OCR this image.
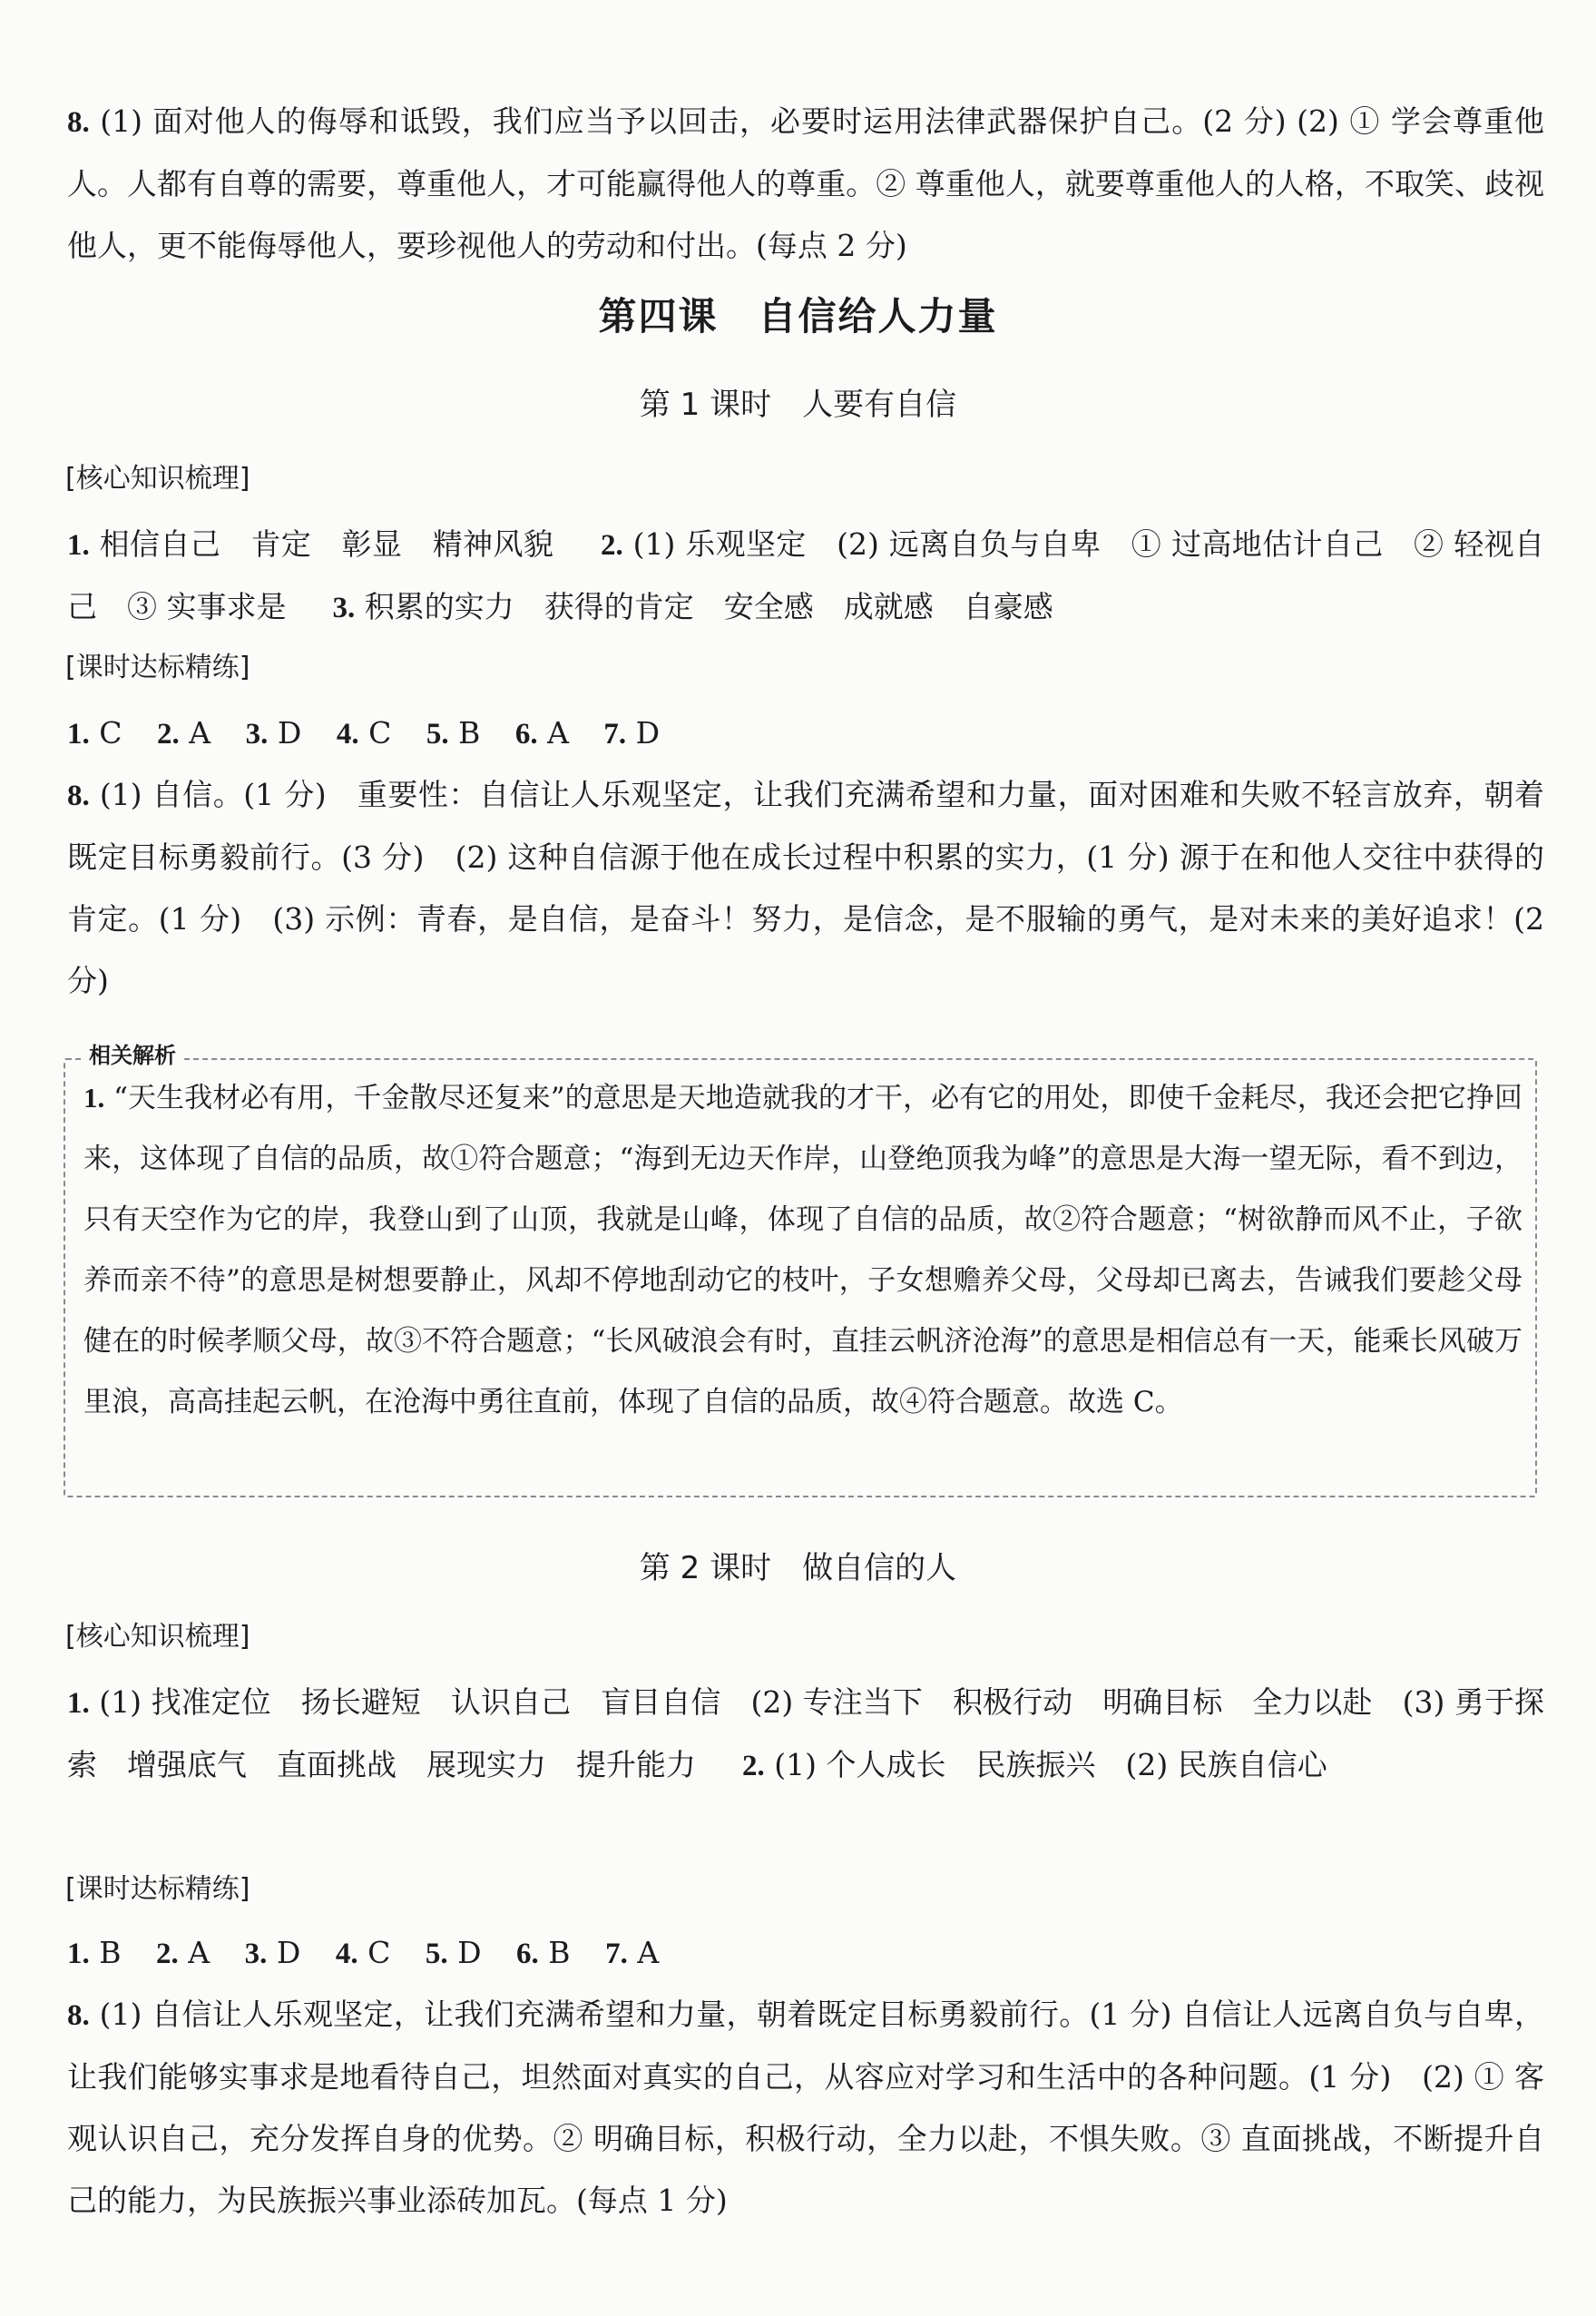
8. (1) 面对他人的侮辱和诋毁，我们应当予以回击，必要时运用法律武器保护自己。(2 分) (2) ① 学会尊重他人。人都有自尊的需要，尊重他人，才可能赢得他人的尊重。② 尊重他人，就要尊重他人的人格，不取笑、歧视他人，更不能侮辱他人，要珍视他人的劳动和付出。(每点 2 分)
第四课　自信给人力量
第 1 课时　人要有自信
[核心知识梳理]
1. 相信自己　肯定　彰显　精神风貌 2. (1) 乐观坚定　(2) 远离自负与自卑　① 过高地估计自己　② 轻视自己　③ 实事求是 3. 积累的实力　获得的肯定　安全感　成就感　自豪感
[课时达标精练]
1. C 2. A 3. D 4. C 5. B 6. A 7. D
8. (1) 自信。(1 分)　重要性：自信让人乐观坚定，让我们充满希望和力量，面对困难和失败不轻言放弃，朝着既定目标勇毅前行。(3 分)　(2) 这种自信源于他在成长过程中积累的实力，(1 分) 源于在和他人交往中获得的肯定。(1 分)　(3) 示例：青春，是自信，是奋斗！努力，是信念，是不服输的勇气，是对未来的美好追求！(2 分)
相关解析
1. “天生我材必有用，千金散尽还复来”的意思是天地造就我的才干，必有它的用处，即使千金耗尽，我还会把它挣回来，这体现了自信的品质，故①符合题意；“海到无边天作岸，山登绝顶我为峰”的意思是大海一望无际，看不到边，只有天空作为它的岸，我登山到了山顶，我就是山峰，体现了自信的品质，故②符合题意；“树欲静而风不止，子欲养而亲不待”的意思是树想要静止，风却不停地刮动它的枝叶，子女想赡养父母，父母却已离去，告诫我们要趁父母健在的时候孝顺父母，故③不符合题意；“长风破浪会有时，直挂云帆济沧海”的意思是相信总有一天，能乘长风破万里浪，高高挂起云帆，在沧海中勇往直前，体现了自信的品质，故④符合题意。故选 C。
第 2 课时　做自信的人
[核心知识梳理]
1. (1) 找准定位　扬长避短　认识自己　盲目自信　(2) 专注当下　积极行动　明确目标　全力以赴　(3) 勇于探索　增强底气　直面挑战　展现实力　提升能力 2. (1) 个人成长　民族振兴　(2) 民族自信心
[课时达标精练]
1. B 2. A 3. D 4. C 5. D 6. B 7. A
8. (1) 自信让人乐观坚定，让我们充满希望和力量，朝着既定目标勇毅前行。(1 分) 自信让人远离自负与自卑，让我们能够实事求是地看待自己，坦然面对真实的自己，从容应对学习和生活中的各种问题。(1 分)　(2) ① 客观认识自己，充分发挥自身的优势。② 明确目标，积极行动，全力以赴，不惧失败。③ 直面挑战，不断提升自己的能力，为民族振兴事业添砖加瓦。(每点 1 分)
